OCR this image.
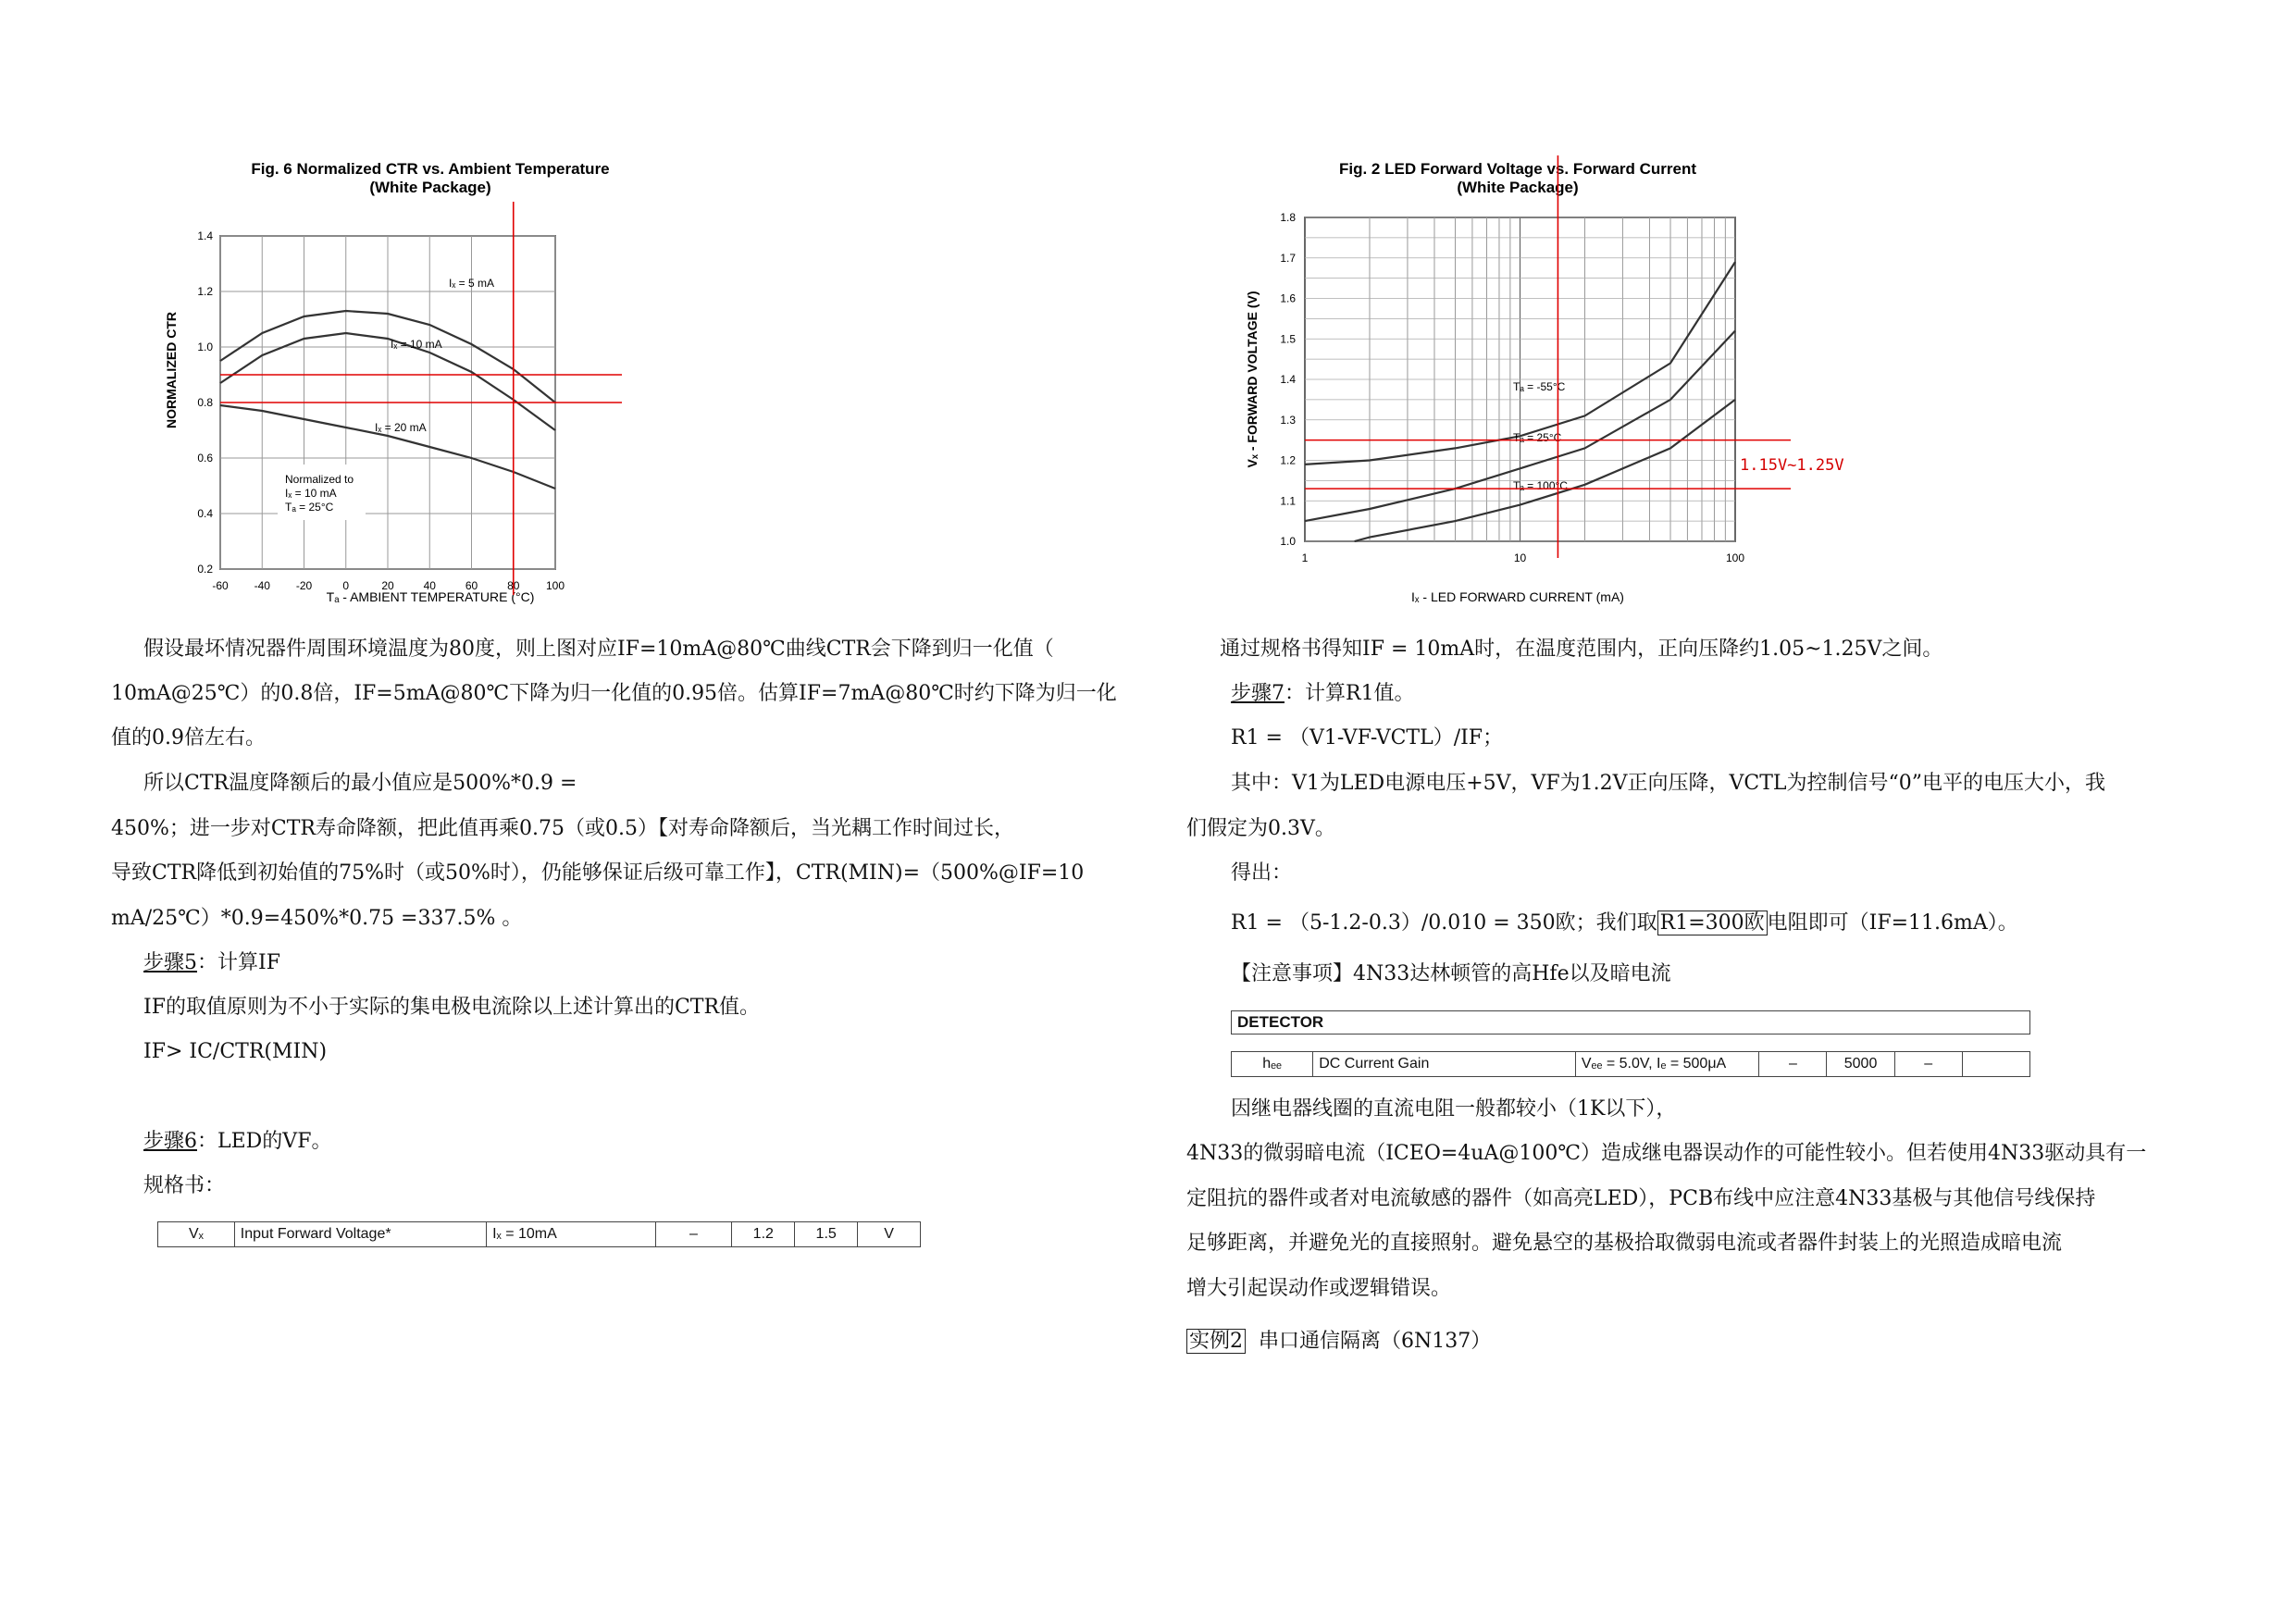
Fig. 6 Normalized CTR vs. Ambient Temperature
(White Package)
1.4
1.2
1.0
0.8
0.6
0.4
0.2
-60 -40 -20	0	20	40	60	80 100
NORMALIZED CTR
Tₐ - AMBIENT TEMPERATURE (°C)
Iₓ = 5 mA
Iₓ = 10 mA
Iₓ = 20 mA
Normalized to
Iₓ = 10 mA
Tₐ = 25°C
Fig. 2 LED Forward Voltage vs. Forward Current
(White Package)
1.8
1.7
1.6
1.5
1.4
1.3
1.2
1.1
1.0
1	10	100
Vₓ - FORWARD VOLTAGE (V)
Iₓ - LED FORWARD CURRENT (mA)
Tₐ = -55°C
Tₐ = 25°C
Tₐ = 100°C
1.15V~1.25V
假设最坏情况器件周围环境温度为80度，则上图对应IF=10mA@80℃曲线CTR会下降到归一化值（
10mA@25℃）的0.8倍，IF=5mA@80℃下降为归一化值的0.95倍。估算IF=7mA@80℃时约下降为归一化
值的0.9倍左右。
所以CTR温度降额后的最小值应是500%*0.9 =
450%；进一步对CTR寿命降额，把此值再乘0.75（或0.5）【对寿命降额后，当光耦工作时间过长，
导致CTR降低到初始值的75%时（或50%时），仍能够保证后级可靠工作】，CTR(MIN)=（500%@IF=10
mA/25℃）*0.9=450%*0.75 =337.5% 。
步骤5：计算IF
IF的取值原则为不小于实际的集电极电流除以上述计算出的CTR值。
IF> IC/CTR(MIN)
步骤6：LED的VF。
规格书：
Vₓ	Input Forward Voltage*	Iₓ = 10mA	–	1.2	1.5	V
通过规格书得知IF = 10mA时，在温度范围内，正向压降约1.05~1.25V之间。
步骤7：计算R1值。
R1 = （V1-VF-VCTL）/IF；
其中：V1为LED电源电压+5V，VF为1.2V正向压降，VCTL为控制信号“0”电平的电压大小，我
们假定为0.3V。
得出：
R1 = （5-1.2-0.3）/0.010 = 350欧；我们取 R1=300欧 电阻即可（IF=11.6mA）。
【注意事项】4N33达林顿管的高Hfe以及暗电流
DETECTOR
hₑₑ	DC Current Gain	Vₑₑ = 5.0V, Iₑ = 500μA	–	5000	–	
因继电器线圈的直流电阻一般都较小（1K以下），
4N33的微弱暗电流（ICEO=4uA@100℃）造成继电器误动作的可能性较小。但若使用4N33驱动具有一
定阻抗的器件或者对电流敏感的器件（如高亮LED），PCB布线中应注意4N33基极与其他信号线保持
足够距离，并避免光的直接照射。避免悬空的基极拾取微弱电流或者器件封装上的光照造成暗电流
增大引起误动作或逻辑错误。
实例2  串口通信隔离（6N137）
